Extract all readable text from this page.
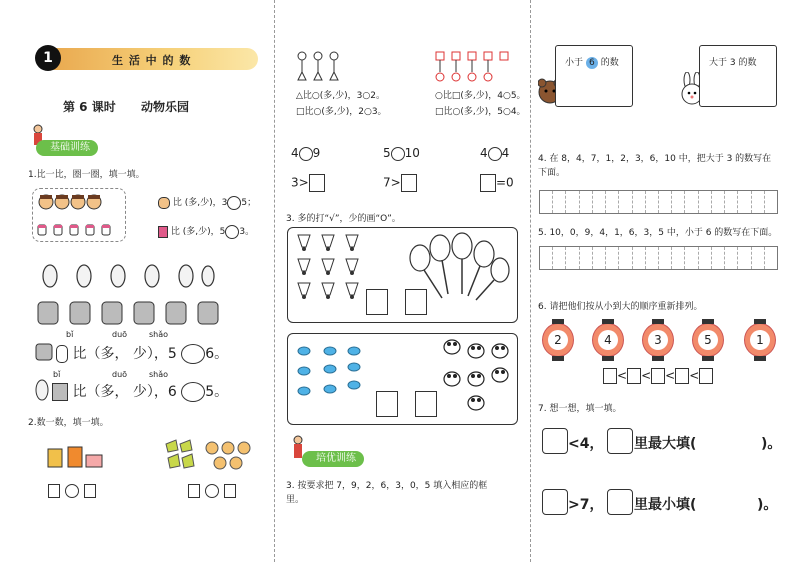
1	生 活 中 的 数
第 6 课时 动物乐园
基础训练
1.比一比，圈一圈，填一填。
比 (多,少)，3 5；
比 (多,少)，5 3。
bǐ	duō	shǎo
比（多， 少），5 6。
bǐ	duō	shǎo
比（多， 少），6 5。
2.数一数，填一填。

△比○(多,少)，3○2。
□比○(多,少)，2○3。
○比□(多,少)，4○5。
□比○(多,少)，5○4。
4 9	5 10	4 4
3>	7>	=0
3. 多的打“√”，少的画“O”。
培优训练
3. 按要求把 7，9，2，6，3，0，5 填入相应的框
里。
小于 6 的数	大于 3 的数
4. 在 8，4，7，1，2，3，6，10 中，把大于 3 的数写在
下面。
5. 10，0，9，4，1，6，3，5 中，小于 6 的数写在下面。
6. 请把他们按从小到大的顺序重新排列。
2	4	3	5	1
< < < <
7. 想一想，填一填。
<4， 里最大填(	)。
>7， 里最小填(	)。
